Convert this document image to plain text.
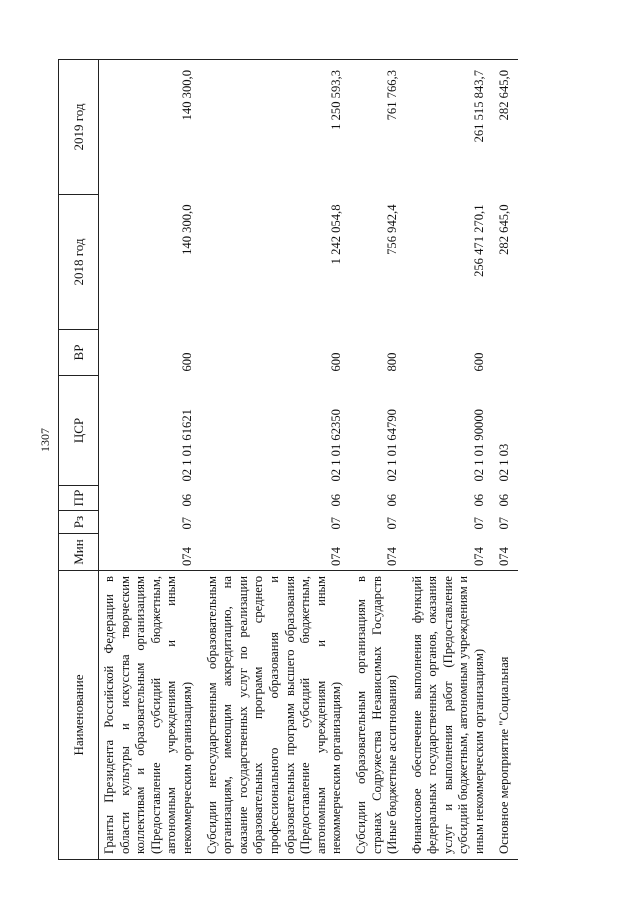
1307
Наименование	Мин	Рз	ПР	ЦСР	ВР	2018 год	2019 год

Гранты Президента Российской Федерации в области культуры и искусства творческим коллективам и образовательным организациям (Предоставление субсидий бюджетным, автономным учреждениям и иным некоммерческим организациям)	074	07	06	02 1 01 61621	600	140 300,0	140 300,0

Субсидии негосударственным образовательным организациям, имеющим аккредитацию, на оказание государственных услуг по реализации образовательных программ среднего профессионального образования и образовательных программ высшего образования (Предоставление субсидий бюджетным, автономным учреждениям и иным некоммерческим организациям)	074	07	06	02 1 01 62350	600	1 242 054,8	1 250 593,3

Субсидии образовательным организациям в странах Содружества Независимых Государств (Иные бюджетные ассигнования)	074	07	06	02 1 01 64790	800	756 942,4	761 766,3

Финансовое обеспечение выполнения функций федеральных государственных органов, оказания услуг и выполнения работ (Предоставление субсидий бюджетным, автономным учреждениям и иным некоммерческим организациям)	074	07	06	02 1 01 90000	600	256 471 270,1	261 515 843,7

Основное мероприятие "Социальная	074	07	06	02 1 03		282 645,0	282 645,0
